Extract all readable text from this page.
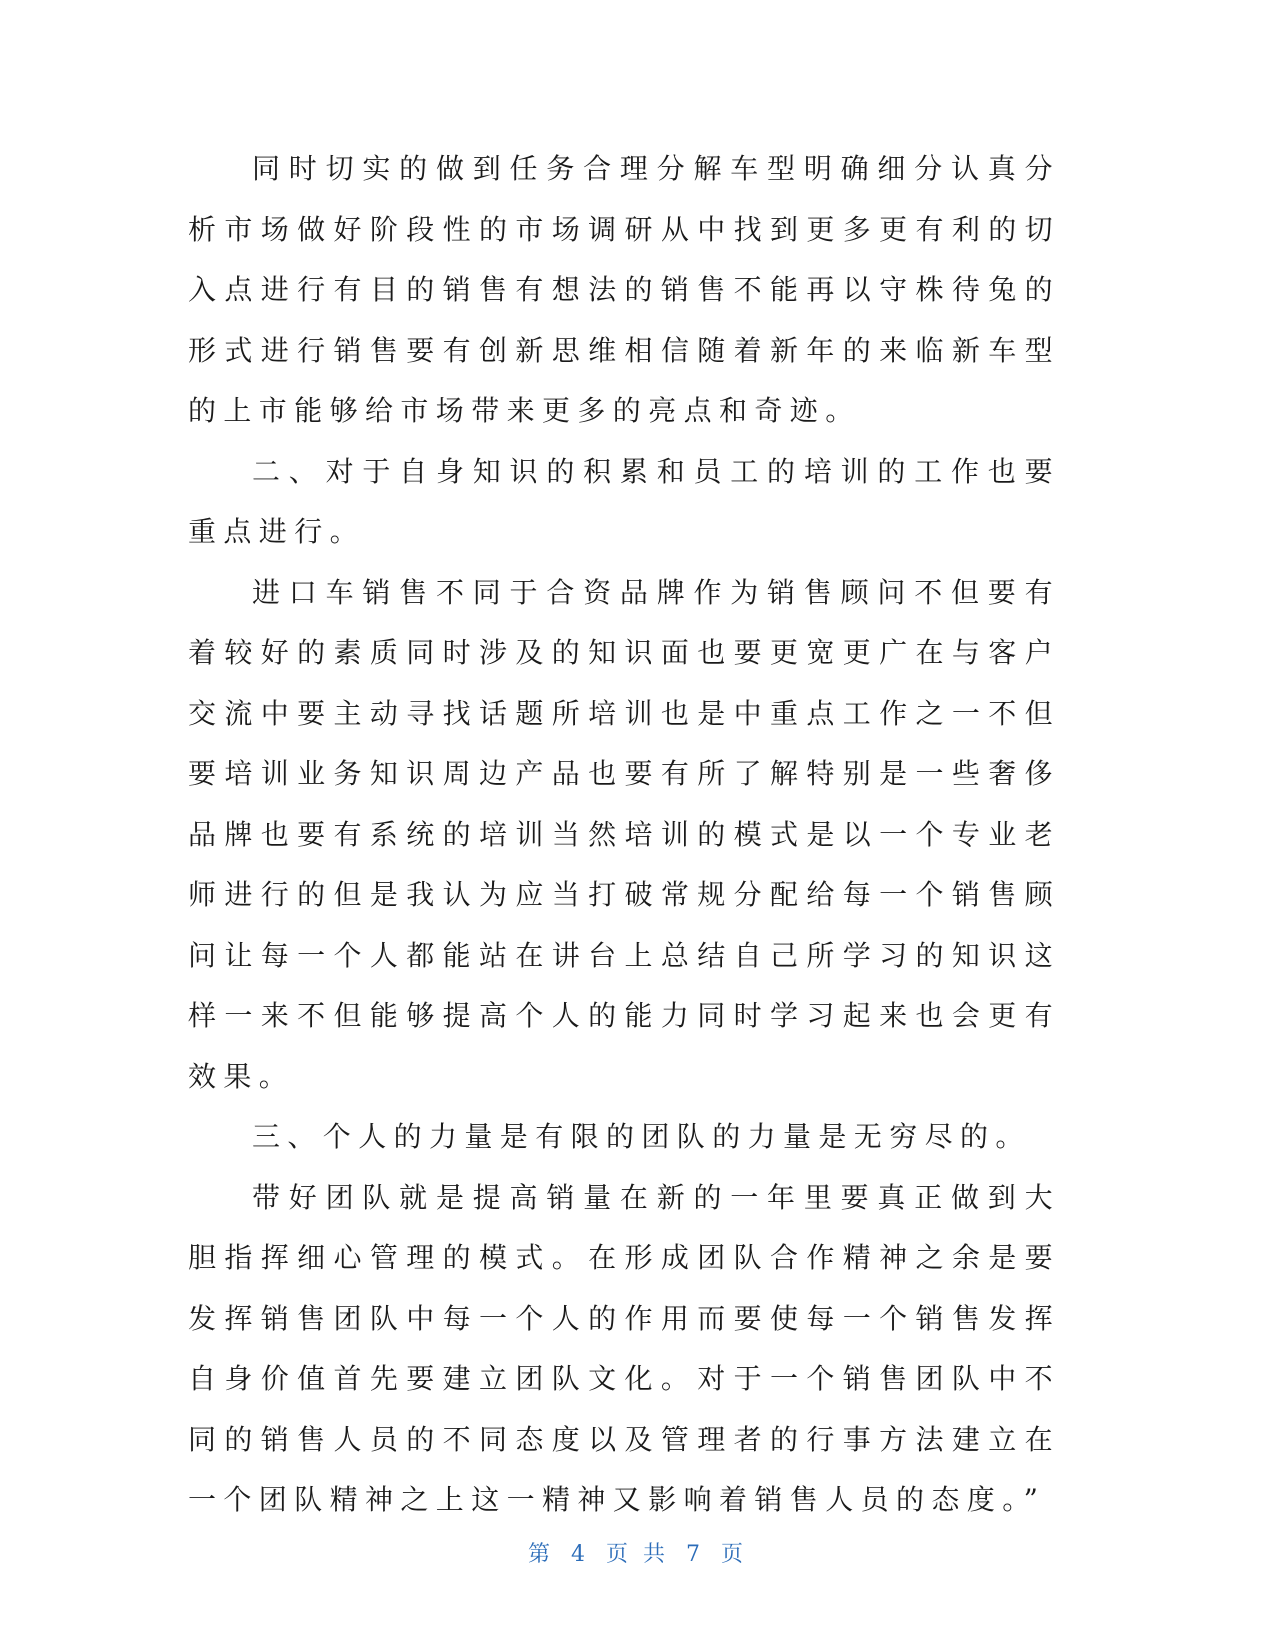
同时切实的做到任务合理分解车型明确细分认真分析市场做好阶段性的市场调研从中找到更多更有利的切入点进行有目的销售有想法的销售不能再以守株待兔的形式进行销售要有创新思维相信随着新年的来临新车型的上市能够给市场带来更多的亮点和奇迹。

二、对于自身知识的积累和员工的培训的工作也要重点进行。

进口车销售不同于合资品牌作为销售顾问不但要有着较好的素质同时涉及的知识面也要更宽更广在与客户交流中要主动寻找话题所培训也是中重点工作之一不但要培训业务知识周边产品也要有所了解特别是一些奢侈品牌也要有系统的培训当然培训的模式是以一个专业老师进行的但是我认为应当打破常规分配给每一个销售顾问让每一个人都能站在讲台上总结自己所学习的知识这样一来不但能够提高个人的能力同时学习起来也会更有效果。

三、个人的力量是有限的团队的力量是无穷尽的。

带好团队就是提高销量在新的一年里要真正做到大胆指挥细心管理的模式。在形成团队合作精神之余是要发挥销售团队中每一个人的作用而要使每一个销售发挥自身价值首先要建立团队文化。对于一个销售团队中不同的销售人员的不同态度以及管理者的行事方法建立在一个团队精神之上这一精神又影响着销售人员的态度。”

第 4 页 共 7 页
